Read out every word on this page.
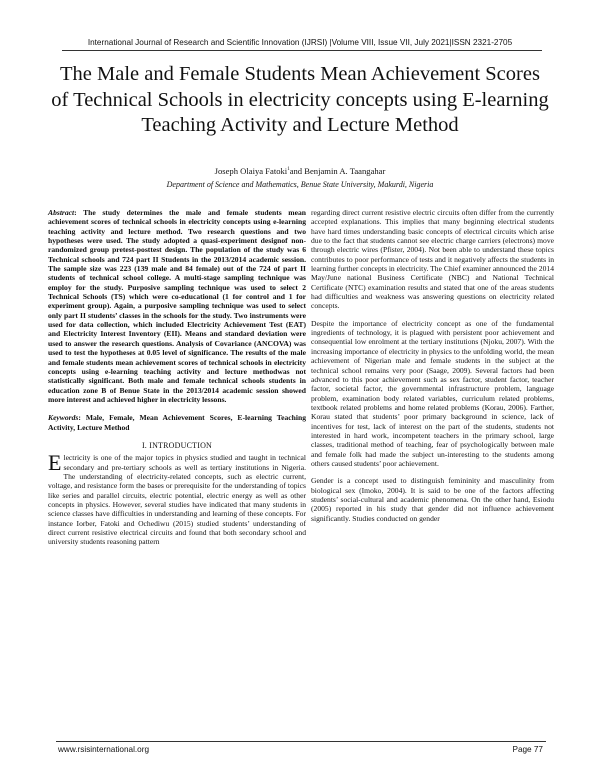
International Journal of Research and Scientific Innovation (IJRSI) |Volume VIII, Issue VII, July 2021|ISSN 2321-2705
The Male and Female Students Mean Achievement Scores of Technical Schools in electricity concepts using E-learning Teaching Activity and Lecture Method
Joseph Olaiya Fatoki$^1$and Benjamin A. Taangahar
Department of Science and Mathematics, Benue State University, Makurdi, Nigeria

Abstract: The study determines the male and female students mean achievement scores of technical schools in electricity concepts using e-learning teaching activity and lecture method. Two research questions and two hypotheses were used. The study adopted a quasi-experiment designof non-randomized group pretest-posttest design. The population of the study was 6 Technical schools and 724 part II Students in the 2013/2014 academic session. The sample size was 223 (139 male and 84 female) out of the 724 of part II students of technical school college. A multi-stage sampling technique was employ for the study. Purposive sampling technique was used to select 2 Technical Schools (TS) which were co-educational (1 for control and 1 for experiment group). Again, a purposive sampling technique was used to select only part II students’ classes in the schools for the study. Two instruments were used for data collection, which included Electricity Achievement Test (EAT) and Electricity Interest Inventory (EII). Means and standard deviation were used to answer the research questions. Analysis of Covariance (ANCOVA) was used to test the hypotheses at 0.05 level of significance. The results of the male and female students mean achievement scores of technical schools in electricity concepts using e-learning teaching activity and lecture methodwas not statistically significant. Both male and female technical schools students in education zone B of Benue State in the 2013/2014 academic session showed more interest and achieved higher in electricity lessons.

Keywords: Male, Female, Mean Achievement Scores, E-learning Teaching Activity, Lecture Method

I. INTRODUCTION

Electricity is one of the major topics in physics studied and taught in technical secondary and pre-tertiary schools as well as tertiary institutions in Nigeria. The understanding of electricity-related concepts, such as electric current, voltage, and resistance form the bases or prerequisite for the understanding of topics like series and parallel circuits, electric potential, electric energy as well as other concepts in physics. However, several studies have indicated that many students in science classes have difficulties in understanding and learning of these concepts. For instance Iorber, Fatoki and Ochediwu (2015) studied students’ understanding of direct current resistive electrical circuits and found that both secondary school and university students reasoning pattern

regarding direct current resistive electric circuits often differ from the currently accepted explanations. This implies that many beginning electrical students have hard times understanding basic concepts of electrical circuits which arise due to the fact that students cannot see electric charge carriers (electrons) move through electric wires (Pfister, 2004). Not been able to understand these topics contributes to poor performance of tests and it negatively affects the students in learning further concepts in electricity. The Chief examiner announced the 2014 May/June national Business Certificate (NBC) and National Technical Certificate (NTC) examination results and stated that one of the areas students had difficulties and weakness was answering questions on electricity related concepts.

Despite the importance of electricity concept as one of the fundamental ingredients of technology, it is plagued with persistent poor achievement and consequential low enrolment at the tertiary institutions (Njoku, 2007). With the increasing importance of electricity in physics to the unfolding world, the mean achievement of Nigerian male and female students in the subject at the technical school remains very poor (Saage, 2009). Several factors had been advanced to this poor achievement such as sex factor, student factor, teacher factor, societal factor, the governmental infrastructure problem, language problem, examination body related variables, curriculum related problems, textbook related problems and home related problems (Korau, 2006). Farther, Korau stated that students’ poor primary background in science, lack of incentives for test, lack of interest on the part of the students, students not interested in hard work, incompetent teachers in the primary school, large classes, traditional method of teaching, fear of psychologically between male and female folk had made the subject un-interesting to the students among others caused students’ poor achievement.

Gender is a concept used to distinguish femininity and masculinity from biological sex (Imoko, 2004). It is said to be one of the factors affecting students’ social-cultural and academic phenomena. On the other hand, Esiodu (2005) reported in his study that gender did not influence achievement significantly. Studies conducted on gender

www.rsisinternational.org	Page 77
